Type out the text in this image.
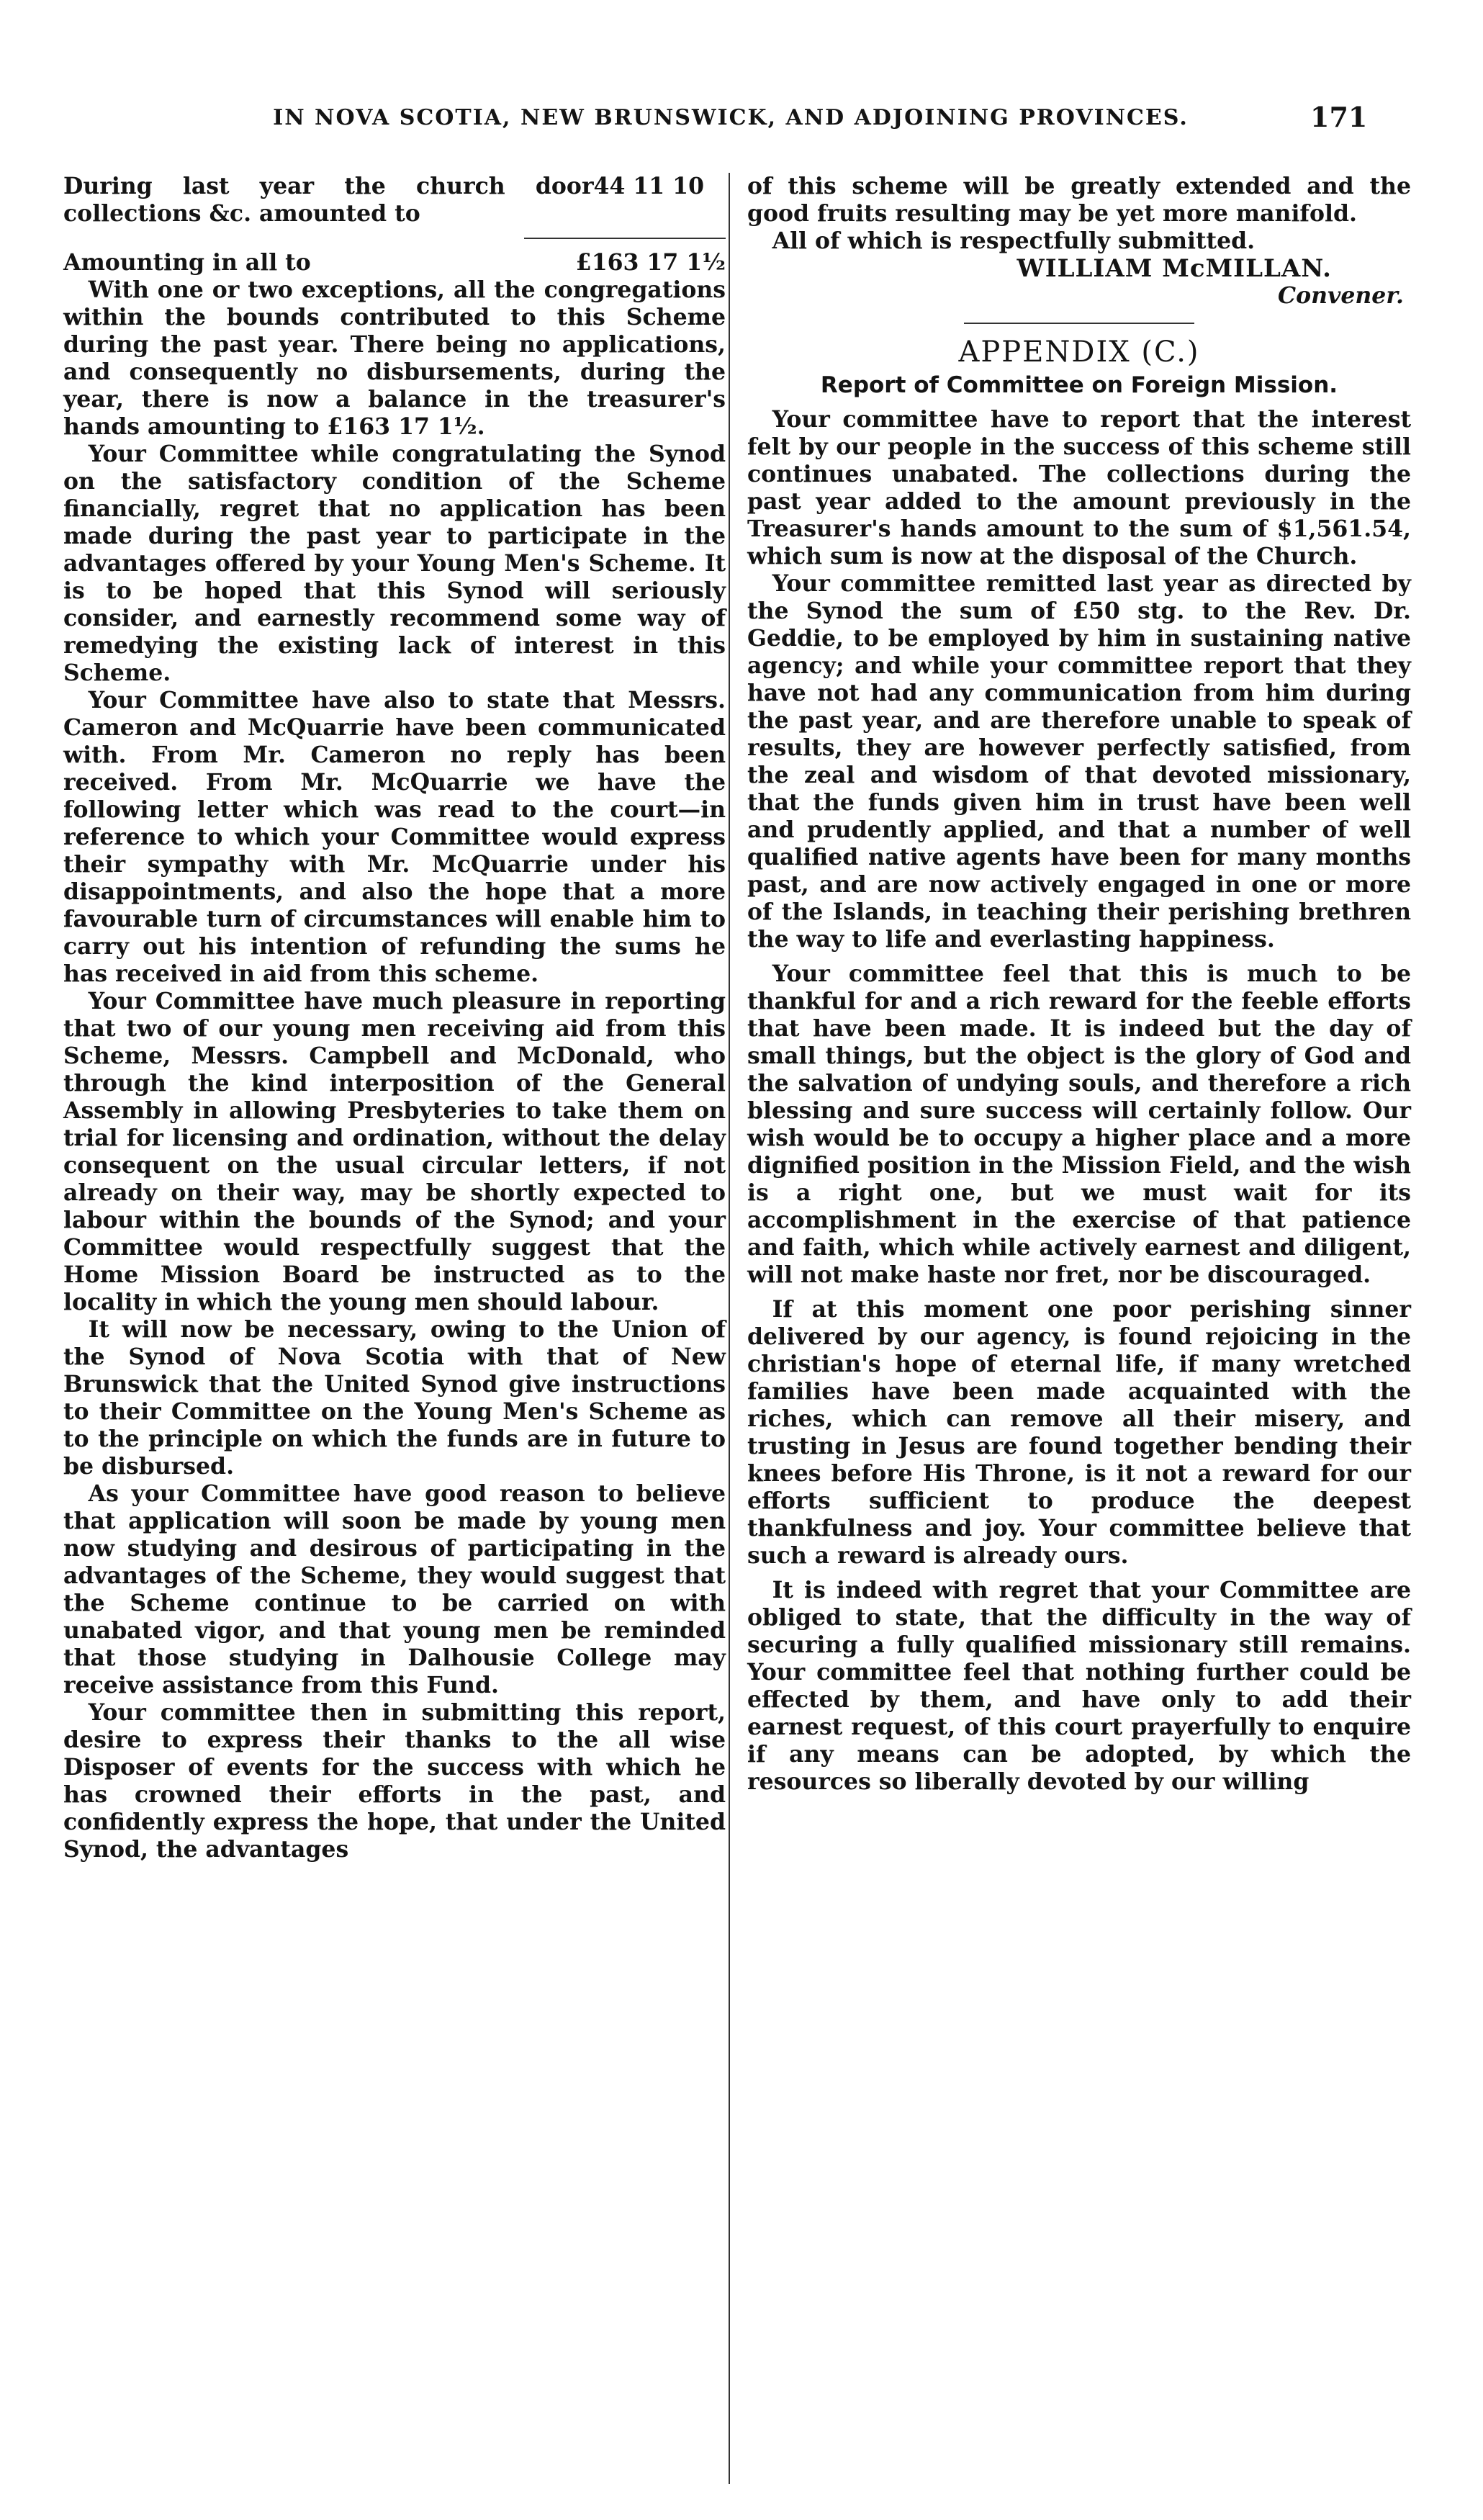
IN NOVA SCOTIA, NEW BRUNSWICK, AND ADJOINING PROVINCES.	171
During last year the church door collections &c. amounted to
44 11 10
Amounting in all to	£163 17 1½

With one or two exceptions, all the congregations within the bounds contributed to this Scheme during the past year. There being no applications, and consequently no disbursements, during the year, there is now a balance in the treasurer's hands amounting to £163 17 1½.

Your Committee while congratulating the Synod on the satisfactory condition of the Scheme financially, regret that no application has been made during the past year to participate in the advantages offered by your Young Men's Scheme. It is to be hoped that this Synod will seriously consider, and earnestly recommend some way of remedying the existing lack of interest in this Scheme.

Your Committee have also to state that Messrs. Cameron and McQuarrie have been communicated with. From Mr. Cameron no reply has been received. From Mr. McQuarrie we have the following letter which was read to the court—in reference to which your Committee would express their sympathy with Mr. McQuarrie under his disappointments, and also the hope that a more favourable turn of circumstances will enable him to carry out his intention of refunding the sums he has received in aid from this scheme.

Your Committee have much pleasure in reporting that two of our young men receiving aid from this Scheme, Messrs. Campbell and McDonald, who through the kind interposition of the General Assembly in allowing Presbyteries to take them on trial for licensing and ordination, without the delay consequent on the usual circular letters, if not already on their way, may be shortly expected to labour within the bounds of the Synod; and your Committee would respectfully suggest that the Home Mission Board be instructed as to the locality in which the young men should labour.

It will now be necessary, owing to the Union of the Synod of Nova Scotia with that of New Brunswick that the United Synod give instructions to their Committee on the Young Men's Scheme as to the principle on which the funds are in future to be disbursed.

As your Committee have good reason to believe that application will soon be made by young men now studying and desirous of participating in the advantages of the Scheme, they would suggest that the Scheme continue to be carried on with unabated vigor, and that young men be reminded that those studying in Dalhousie College may receive assistance from this Fund.

Your committee then in submitting this report, desire to express their thanks to the all wise Disposer of events for the success with which he has crowned their efforts in the past, and confidently express the hope, that under the United Synod, the advantages

of this scheme will be greatly extended and the good fruits resulting may be yet more manifold.

All of which is respectfully submitted.

WILLIAM McMILLAN.
Convener.
APPENDIX (C.)
Report of Committee on Foreign Mission.

Your committee have to report that the interest felt by our people in the success of this scheme still continues unabated. The collections during the past year added to the amount previously in the Treasurer's hands amount to the sum of $1,561.54, which sum is now at the disposal of the Church.

Your committee remitted last year as directed by the Synod the sum of £50 stg. to the Rev. Dr. Geddie, to be employed by him in sustaining native agency; and while your committee report that they have not had any communication from him during the past year, and are therefore unable to speak of results, they are however perfectly satisfied, from the zeal and wisdom of that devoted missionary, that the funds given him in trust have been well and prudently applied, and that a number of well qualified native agents have been for many months past, and are now actively engaged in one or more of the Islands, in teaching their perishing brethren the way to life and everlasting happiness.

Your committee feel that this is much to be thankful for and a rich reward for the feeble efforts that have been made. It is indeed but the day of small things, but the object is the glory of God and the salvation of undying souls, and therefore a rich blessing and sure success will certainly follow. Our wish would be to occupy a higher place and a more dignified position in the Mission Field, and the wish is a right one, but we must wait for its accomplishment in the exercise of that patience and faith, which while actively earnest and diligent, will not make haste nor fret, nor be discouraged.

If at this moment one poor perishing sinner delivered by our agency, is found rejoicing in the christian's hope of eternal life, if many wretched families have been made acquainted with the riches, which can remove all their misery, and trusting in Jesus are found together bending their knees before His Throne, is it not a reward for our efforts sufficient to produce the deepest thankfulness and joy. Your committee believe that such a reward is already ours.

It is indeed with regret that your Committee are obliged to state, that the difficulty in the way of securing a fully qualified missionary still remains. Your committee feel that nothing further could be effected by them, and have only to add their earnest request, of this court prayerfully to enquire if any means can be adopted, by which the resources so liberally devoted by our willing
